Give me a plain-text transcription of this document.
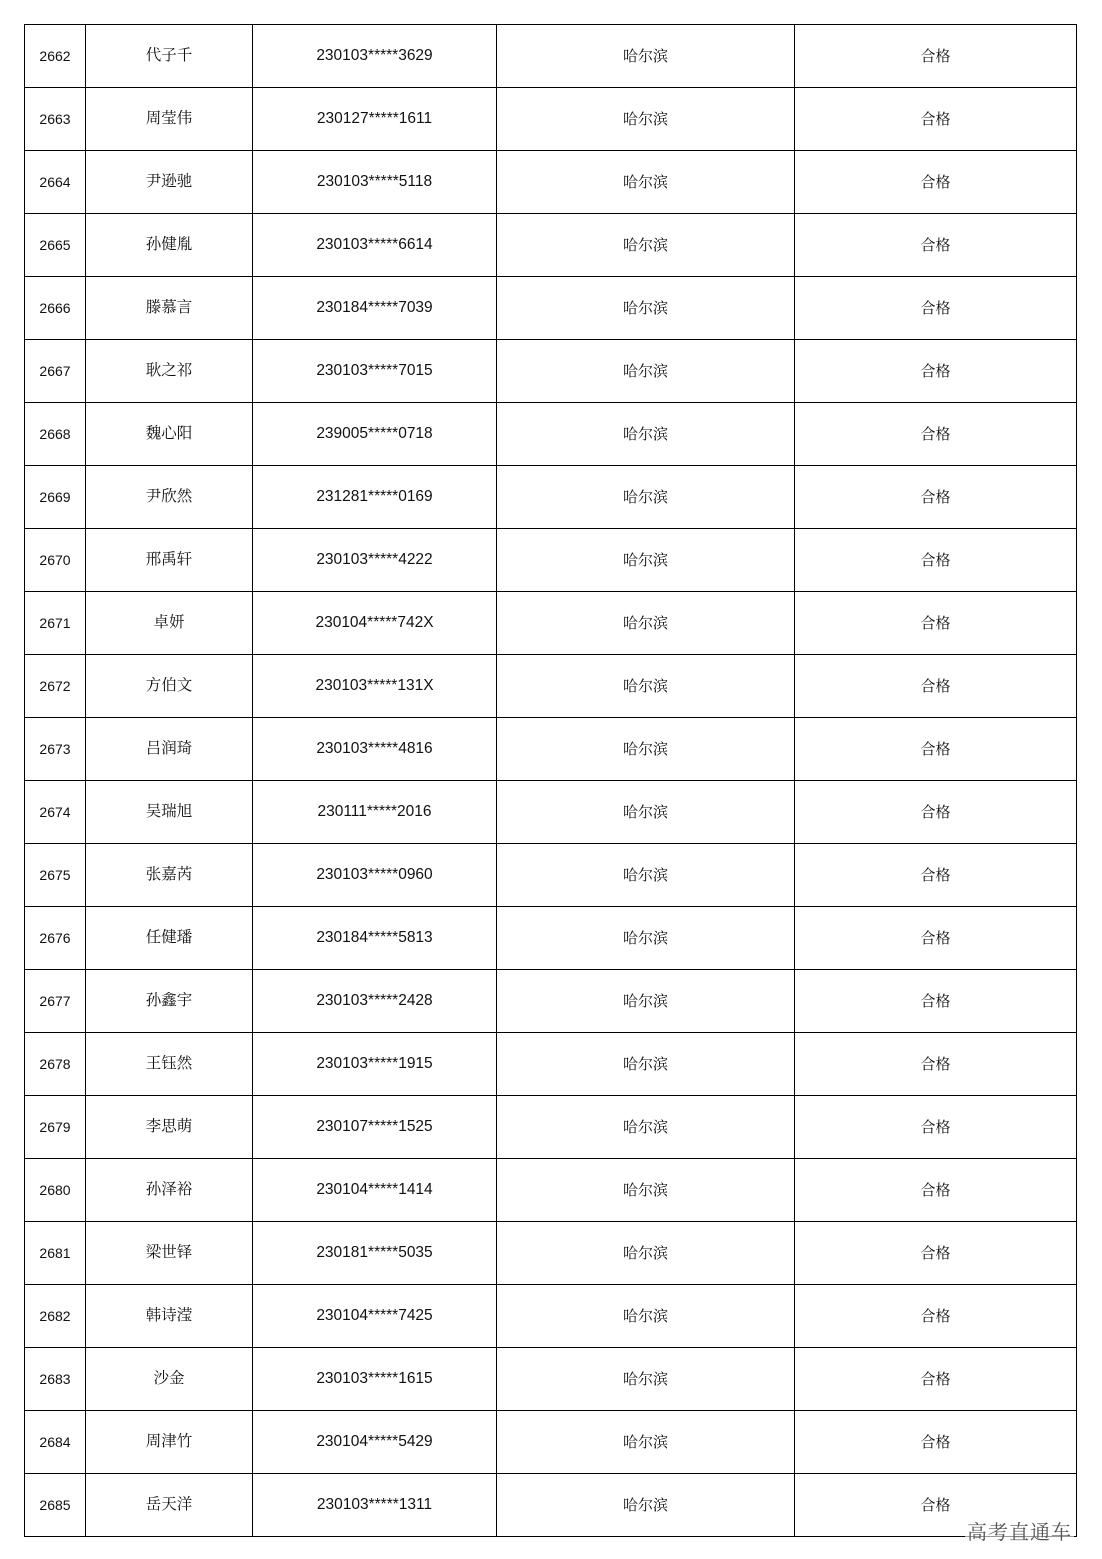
2662	代子千	230103*****3629	哈尔滨	合格
2663	周莹伟	230127*****1611	哈尔滨	合格
2664	尹逊驰	230103*****5118	哈尔滨	合格
2665	孙健胤	230103*****6614	哈尔滨	合格
2666	滕慕言	230184*****7039	哈尔滨	合格
2667	耿之祁	230103*****7015	哈尔滨	合格
2668	魏心阳	239005*****0718	哈尔滨	合格
2669	尹欣然	231281*****0169	哈尔滨	合格
2670	邢禹轩	230103*****4222	哈尔滨	合格
2671	卓妍	230104*****742X	哈尔滨	合格
2672	方伯文	230103*****131X	哈尔滨	合格
2673	吕润琦	230103*****4816	哈尔滨	合格
2674	吴瑞旭	230111*****2016	哈尔滨	合格
2675	张嘉芮	230103*****0960	哈尔滨	合格
2676	任健璠	230184*****5813	哈尔滨	合格
2677	孙鑫宇	230103*****2428	哈尔滨	合格
2678	王钰然	230103*****1915	哈尔滨	合格
2679	李思萌	230107*****1525	哈尔滨	合格
2680	孙泽裕	230104*****1414	哈尔滨	合格
2681	梁世铎	230181*****5035	哈尔滨	合格
2682	韩诗滢	230104*****7425	哈尔滨	合格
2683	沙金	230103*****1615	哈尔滨	合格
2684	周津竹	230104*****5429	哈尔滨	合格
2685	岳天洋	230103*****1311	哈尔滨	合格
高考直通车
